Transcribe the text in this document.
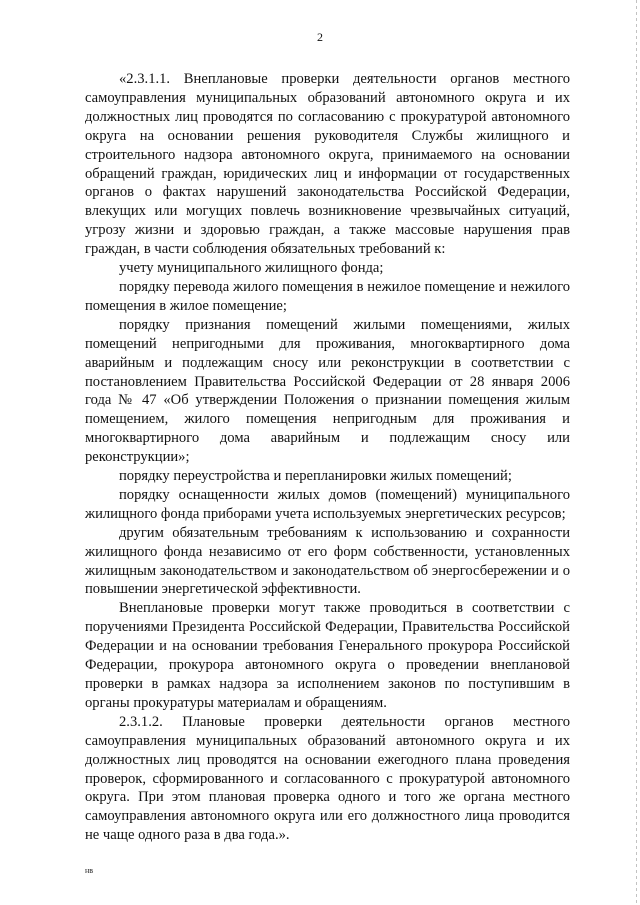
2

«2.3.1.1. Внеплановые проверки деятельности органов местного самоуправления муниципальных образований автономного округа и их должностных лиц проводятся по согласованию с прокуратурой автономного округа на основании решения руководителя Службы жилищного и строительного надзора автономного округа, принимаемого на основании обращений граждан, юридических лиц и информации от государственных органов о фактах нарушений законодательства Российской Федерации, влекущих или могущих повлечь возникновение чрезвычайных ситуаций, угрозу жизни и здоровью граждан, а также массовые нарушения прав граждан, в части соблюдения обязательных требований к:

учету муниципального жилищного фонда;

порядку перевода жилого помещения в нежилое помещение и нежилого помещения в жилое помещение;

порядку признания помещений жилыми помещениями, жилых помещений непригодными для проживания, многоквартирного дома аварийным и подлежащим сносу или реконструкции в соответствии с постановлением Правительства Российской Федерации от 28 января 2006 года № 47 «Об утверждении Положения о признании помещения жилым помещением, жилого помещения непригодным для проживания и многоквартирного дома аварийным и подлежащим сносу или реконструкции»;

порядку переустройства и перепланировки жилых помещений;

порядку оснащенности жилых домов (помещений) муниципального жилищного фонда приборами учета используемых энергетических ресурсов;

другим обязательным требованиям к использованию и сохранности жилищного фонда независимо от его форм собственности, установленных жилищным законодательством и законодательством об энергосбережении и о повышении энергетической эффективности.

Внеплановые проверки могут также проводиться в соответствии с поручениями Президента Российской Федерации, Правительства Российской Федерации и на основании требования Генерального прокурора Российской Федерации, прокурора автономного округа о проведении внеплановой проверки в рамках надзора за исполнением законов по поступившим в органы прокуратуры материалам и обращениям.

2.3.1.2. Плановые проверки деятельности органов местного самоуправления муниципальных образований автономного округа и их должностных лиц проводятся на основании ежегодного плана проведения проверок, сформированного и согласованного с прокуратурой автономного округа. При этом плановая проверка одного и того же органа местного самоуправления автономного округа или его должностного лица проводится не чаще одного раза в два года.».

нв
